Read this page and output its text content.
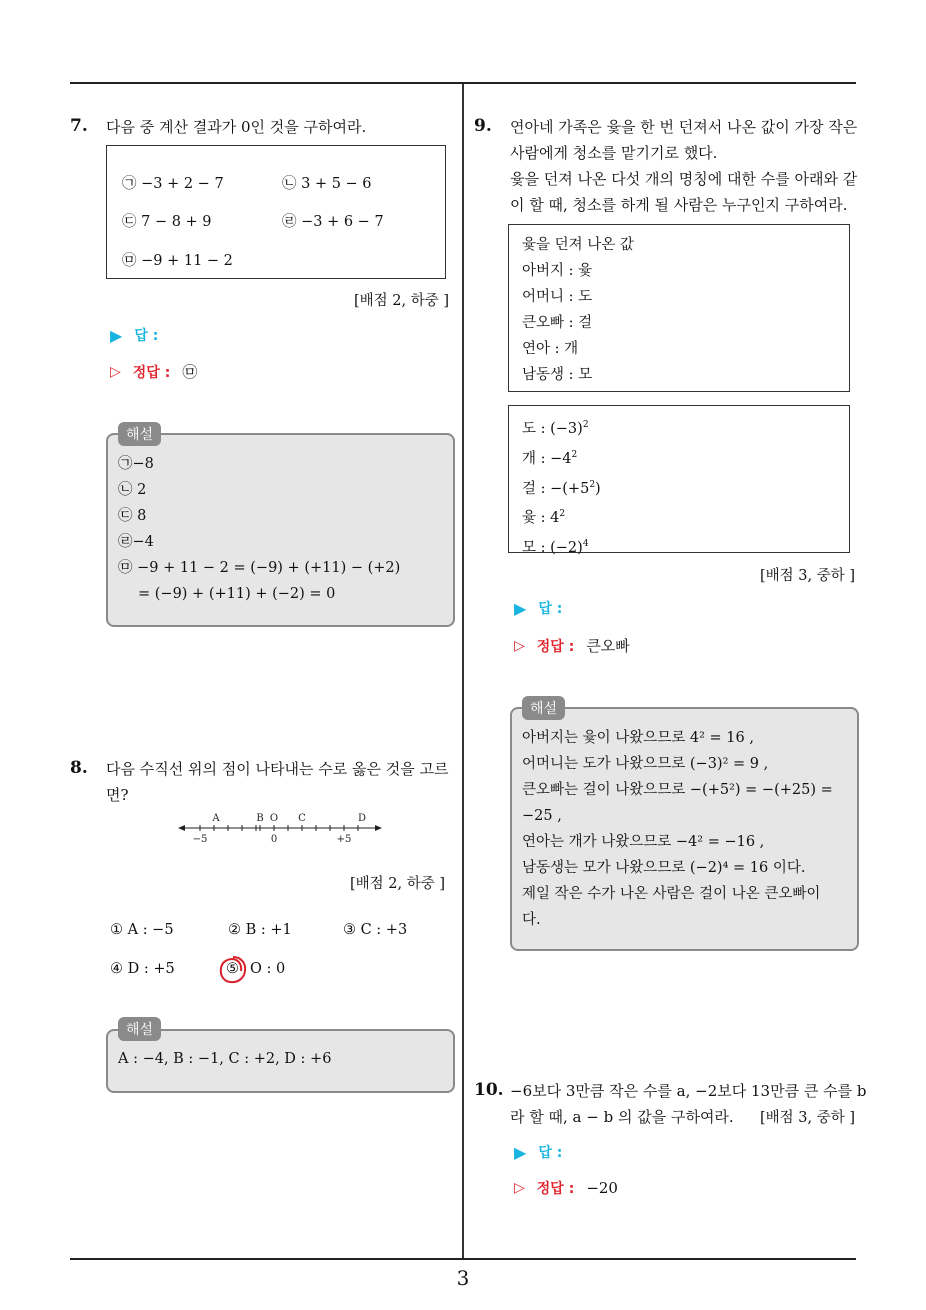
7. 다음 중 계산 결과가 0인 것을 구하여라.
㉠ −3 + 2 − 7	㉡ 3 + 5 − 6
㉢ 7 − 8 + 9	㉣ −3 + 6 − 7
㉤ −9 + 11 − 2
[배점 2, 하중 ]
▶ 답 :
▷ 정답 : ㉤
해설
㉠−8
㉡ 2
㉢ 8
㉣−4
㉤ −9 + 11 − 2 = (−9) + (+11) − (+2)
= (−9) + (+11) + (−2) = 0
8. 다음 수직선 위의 점이 나타내는 수로 옳은 것을 고르
면?
A	B O C	D
−5	0	+5
[배점 2, 하중 ]
① A : −5	② B : +1	③ C : +3
④ D : +5	⑤ O : 0
해설
A : −4, B : −1, C : +2, D : +6
9. 연아네 가족은 윷을 한 번 던져서 나온 값이 가장 작은
사람에게 청소를 맡기기로 했다.
윷을 던져 나온 다섯 개의 명칭에 대한 수를 아래와 같
이 할 때, 청소를 하게 될 사람은 누구인지 구하여라.
윷을 던져 나온 값
아버지 : 윷
어머니 : 도
큰오빠 : 걸
연아 : 개
남동생 : 모
도 : $(-3)^2$
개 : $-4^2$
걸 : $-(+5^2)$
윷 : $4^2$
모 : $(-2)^4$
[배점 3, 중하 ]
▶ 답 :
▷ 정답 : 큰오빠
해설
아버지는 윷이 나왔으므로 4² = 16 ,
어머니는 도가 나왔으므로 (−3)² = 9 ,
큰오빠는 걸이 나왔으므로 −(+5²) = −(+25) =
−25 ,
연아는 개가 나왔으므로 −4² = −16 ,
남동생는 모가 나왔으므로 (−2)⁴ = 16 이다.
제일 작은 수가 나온 사람은 걸이 나온 큰오빠이
다.
10. −6보다 3만큼 작은 수를 a, −2보다 13만큼 큰 수를 b
라 할 때, a − b 의 값을 구하여라.	[배점 3, 중하 ]
▶ 답 :
▷ 정답 : −20
3
